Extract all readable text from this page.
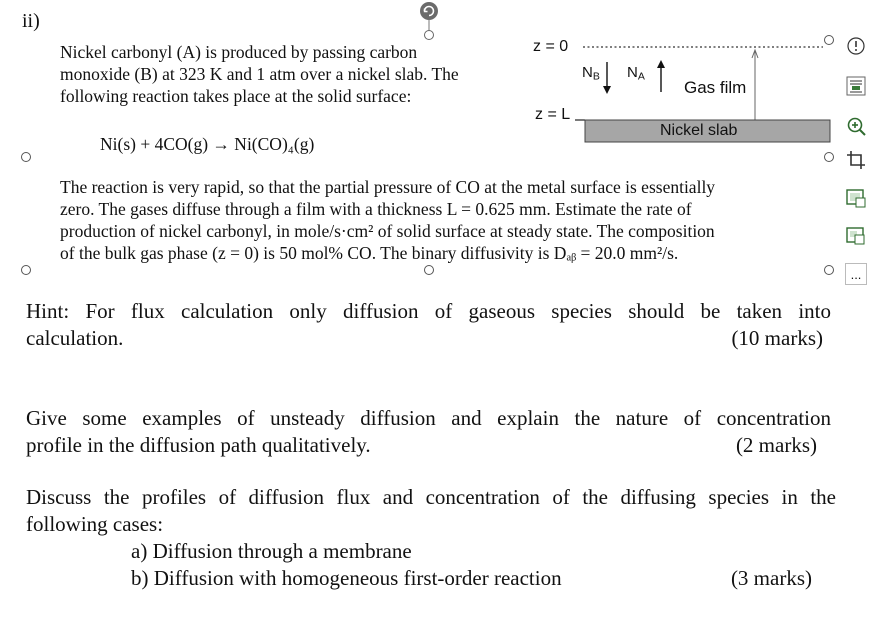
ii)
Nickel carbonyl (A) is produced by passing carbon
monoxide (B) at 323 K and 1 atm over a nickel slab. The
following reaction takes place at the solid surface:
Ni(s) + 4CO(g) → Ni(CO)₄(g)
The reaction is very rapid, so that the partial pressure of CO at the metal surface is essentially
zero. The gases diffuse through a film with a thickness L = 0.625 mm. Estimate the rate of
production of nickel carbonyl, in mole/s·cm² of solid surface at steady state. The composition
of the bulk gas phase (z = 0) is 50 mol% CO. The binary diffusivity is Dₐᵦ = 20.0 mm²/s.
z = 0
z = L
$N_B$ $N_A$
Gas film
Nickel slab
...
Hint: For flux calculation only diffusion of gaseous species should be taken into
calculation.	(10 marks)
Give some examples of unsteady diffusion and explain the nature of concentration
profile in the diffusion path qualitatively.	(2 marks)
Discuss the profiles of diffusion flux and concentration of the diffusing species in the
following cases:
a) Diffusion through a membrane
b) Diffusion with homogeneous first-order reaction	(3 marks)
